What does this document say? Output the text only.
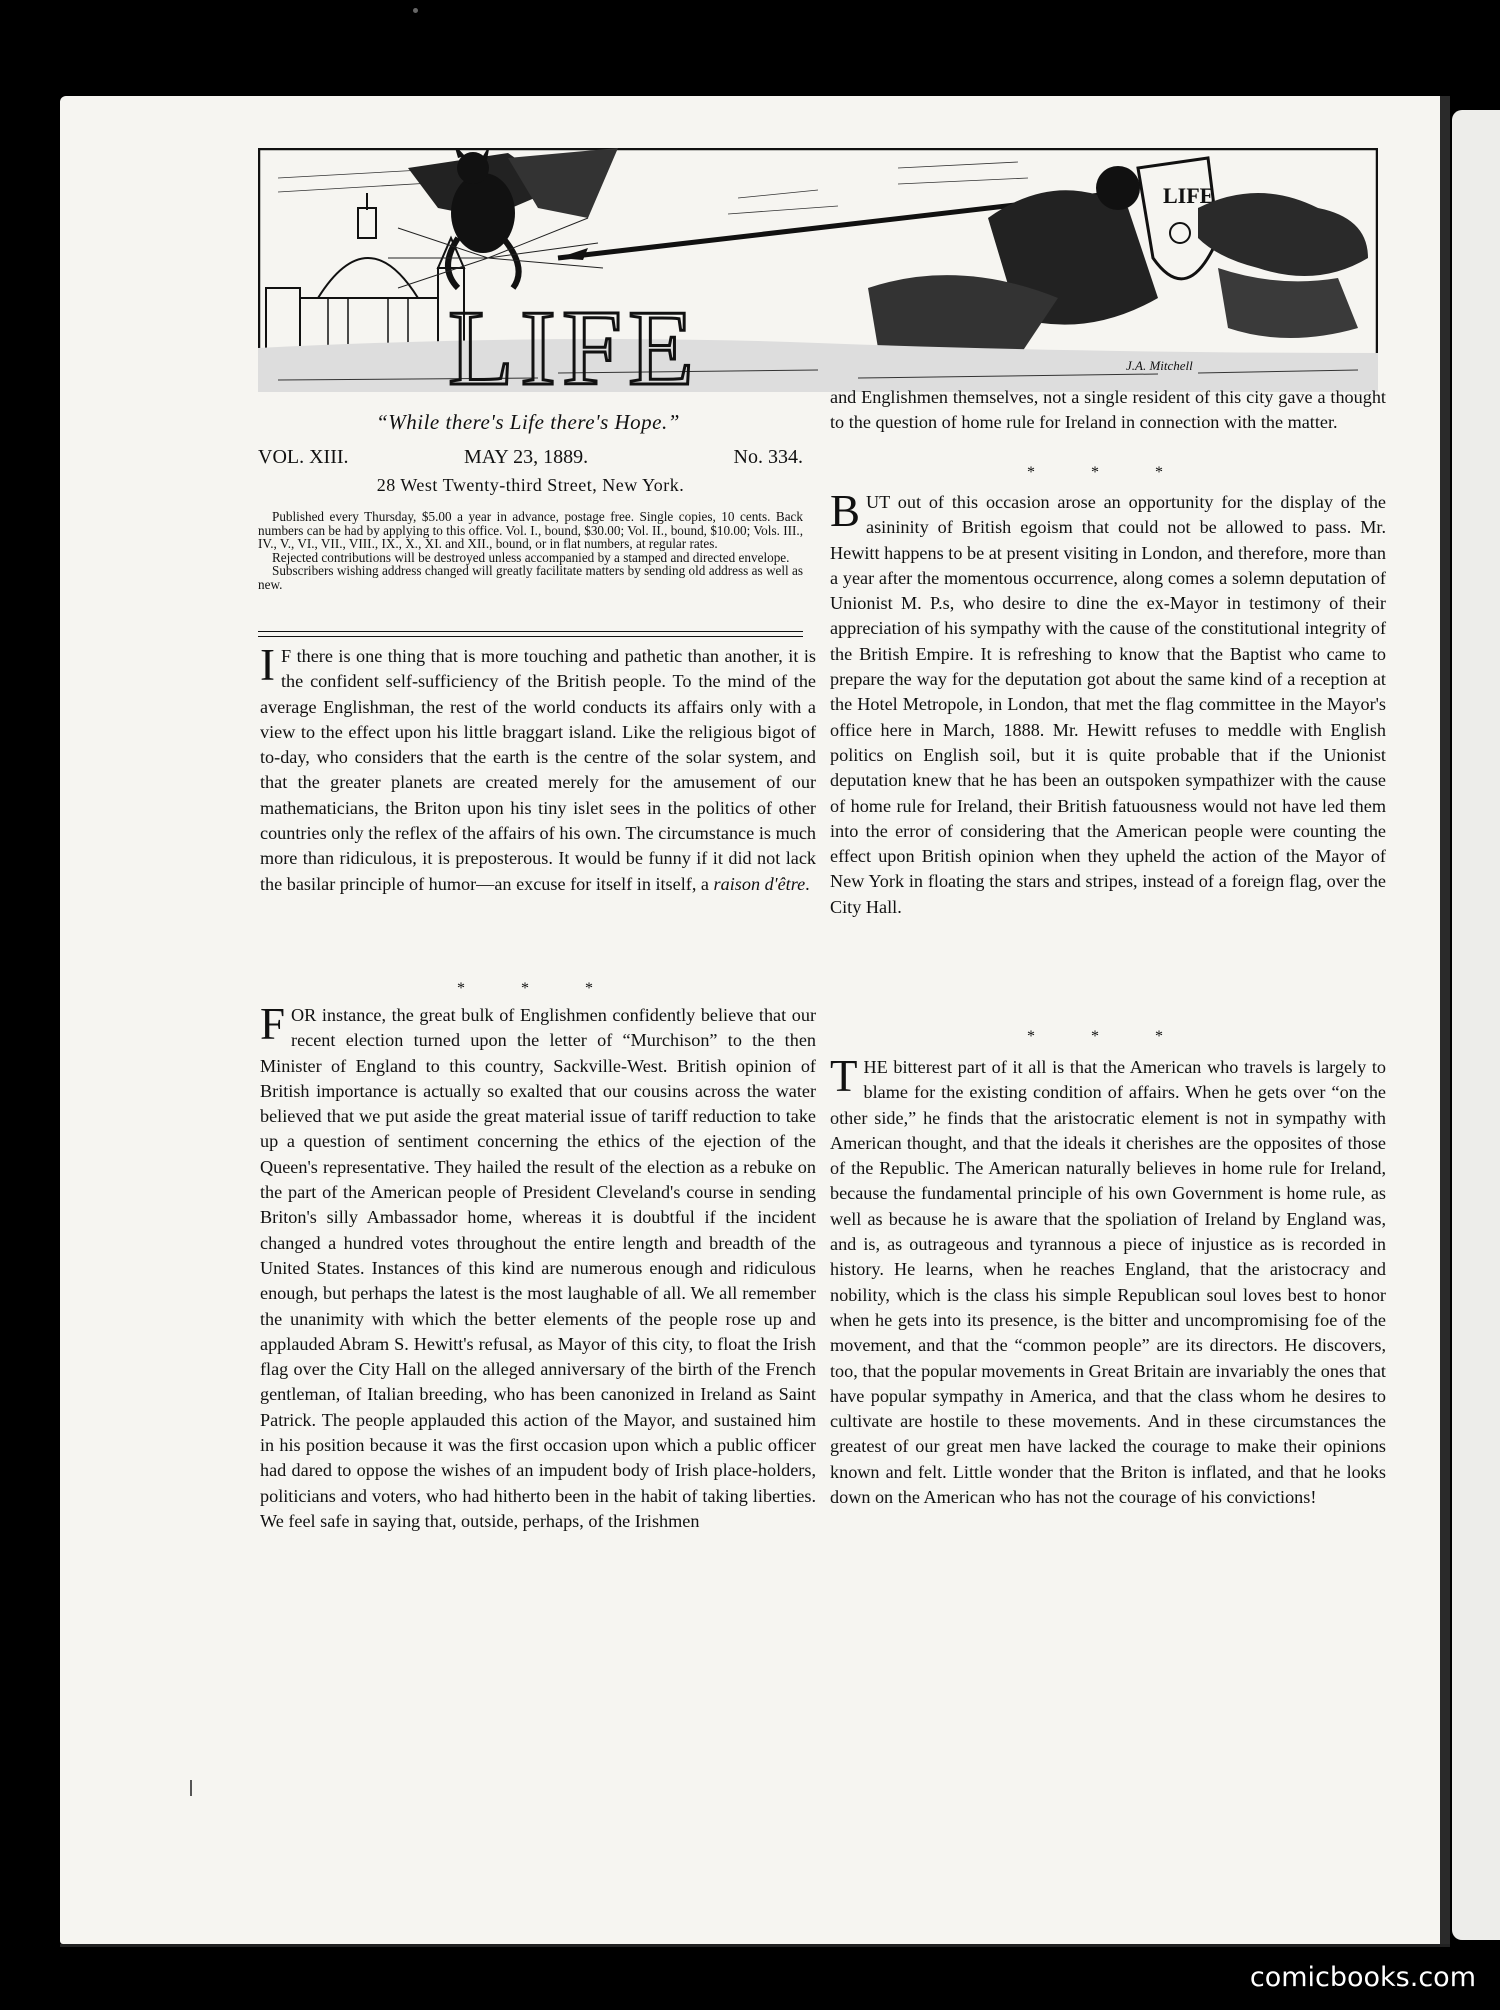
LIFE
LIFE	J.A. Mitchell
“While there's Life there's Hope.”
VOL. XIII.	MAY 23, 1889.	No. 334.
28 West Twenty-third Street, New York.

Published every Thursday, $5.00 a year in advance, postage free. Single copies, 10 cents. Back numbers can be had by applying to this office. Vol. I., bound, $30.00; Vol. II., bound, $10.00; Vols. III., IV., V., VI., VII., VIII., IX., X., XI. and XII., bound, or in flat numbers, at regular rates.

Rejected contributions will be destroyed unless accompanied by a stamped and directed envelope.

Subscribers wishing address changed will greatly facilitate matters by sending old address as well as new.

I F there is one thing that is more touching and pathetic than another, it is the confident self-sufficiency of the British people. To the mind of the average Englishman, the rest of the world conducts its affairs only with a view to the effect upon his little braggart island. Like the religious bigot of to-day, who considers that the earth is the centre of the solar system, and that the greater planets are created merely for the amusement of our mathematicians, the Briton upon his tiny islet sees in the politics of other countries only the reflex of the affairs of his own. The circumstance is much more than ridiculous, it is preposterous. It would be funny if it did not lack the basilar principle of humor—an excuse for itself in itself, a raison d'être.

* * *

FOR instance, the great bulk of Englishmen confidently believe that our recent election turned upon the letter of “Murchison” to the then Minister of England to this country, Sackville-West. British opinion of British importance is actually so exalted that our cousins across the water believed that we put aside the great material issue of tariff reduction to take up a question of sentiment concerning the ethics of the ejection of the Queen's representative. They hailed the result of the election as a rebuke on the part of the American people of President Cleveland's course in sending Briton's silly Ambassador home, whereas it is doubtful if the incident changed a hundred votes throughout the entire length and breadth of the United States. Instances of this kind are numerous enough and ridiculous enough, but perhaps the latest is the most laughable of all. We all remember the unanimity with which the better elements of the people rose up and applauded Abram S. Hewitt's refusal, as Mayor of this city, to float the Irish flag over the City Hall on the alleged anniversary of the birth of the French gentleman, of Italian breeding, who has been canonized in Ireland as Saint Patrick. The people applauded this action of the Mayor, and sustained him in his position because it was the first occasion upon which a public officer had dared to oppose the wishes of an impudent body of Irish place-holders, politicians and voters, who had hitherto been in the habit of taking liberties. We feel safe in saying that, outside, perhaps, of the Irishmen

and Englishmen themselves, not a single resident of this city gave a thought to the question of home rule for Ireland in connection with the matter.

* * *

BUT out of this occasion arose an opportunity for the display of the asininity of British egoism that could not be allowed to pass. Mr. Hewitt happens to be at present visiting in London, and therefore, more than a year after the momentous occurrence, along comes a solemn deputation of Unionist M. P.s, who desire to dine the ex-Mayor in testimony of their appreciation of his sympathy with the cause of the constitutional integrity of the British Empire. It is refreshing to know that the Baptist who came to prepare the way for the deputation got about the same kind of a reception at the Hotel Metropole, in London, that met the flag committee in the Mayor's office here in March, 1888. Mr. Hewitt refuses to meddle with English politics on English soil, but it is quite probable that if the Unionist deputation knew that he has been an outspoken sympathizer with the cause of home rule for Ireland, their British fatuousness would not have led them into the error of considering that the American people were counting the effect upon British opinion when they upheld the action of the Mayor of New York in floating the stars and stripes, instead of a foreign flag, over the City Hall.

* * *

THE bitterest part of it all is that the American who travels is largely to blame for the existing condition of affairs. When he gets over “on the other side,” he finds that the aristocratic element is not in sympathy with American thought, and that the ideals it cherishes are the opposites of those of the Republic. The American naturally believes in home rule for Ireland, because the fundamental principle of his own Government is home rule, as well as because he is aware that the spoliation of Ireland by England was, and is, as outrageous and tyrannous a piece of injustice as is recorded in history. He learns, when he reaches England, that the aristocracy and nobility, which is the class his simple Republican soul loves best to honor when he gets into its presence, is the bitter and uncompromising foe of the movement, and that the “common people” are its directors. He discovers, too, that the popular movements in Great Britain are invariably the ones that have popular sympathy in America, and that the class whom he desires to cultivate are hostile to these movements. And in these circumstances the greatest of our great men have lacked the courage to make their opinions known and felt. Little wonder that the Briton is inflated, and that he looks down on the American who has not the courage of his convictions!

comicbooks.com
